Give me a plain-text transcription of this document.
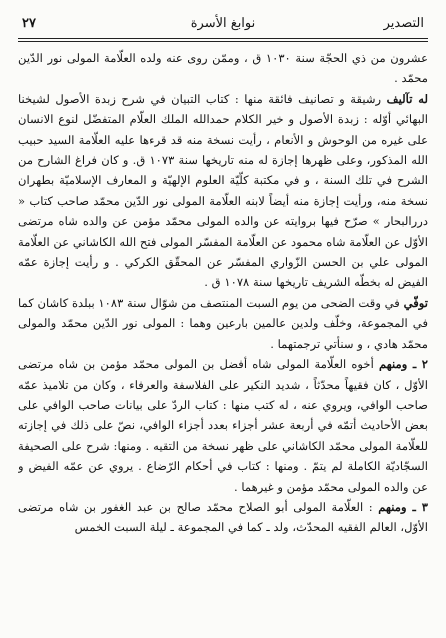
٢٧	نوابغ الأسرة	التصدير

عشرون من ذي الحجّة سنة ١٠٣٠ ق ، وممّن روى عنه ولده العلّامة المولى نور الدّين محمّد .

له تآليف رشيقة و تصانيف فائقة منها : كتاب التبيان في شرح زبدة الأصول لشيخنا البهائي أوّله : زبدة الأصول و خير الكلام حمدالله الملك العلّام المتفضّل لنوع الانسان على غيره من الوحوش و الأنعام ، رأيت نسخة منه قد قرءها عليه العلّامة السيد حبيب الله المذكور، وعلى ظهرها إجازة له منه تاريخها سنة ١٠٧٣ ق. و كان فراغ الشارح من الشرح في تلك السنة ، و في مكتبة كلّيّة العلوم الإلهيّة و المعارف الإسلاميّة بطهران نسخة منه، ورأيت إجازة منه أيضاً لابنه العلّامة المولى نور الدّين محمّد صاحب كتاب « دررالبحار » صرّح فيها بروايته عن والده المولى محمّد مؤمن عن والده شاه مرتضى الأوّل عن العلّامة شاه محمود عن العلّامة المفسّر المولى فتح الله الكاشاني عن العلّامة المولى علي بن الحسن الزّواري المفسّر عن المحقّق الكركي . و رأيت إجازة عمّه الفيض له بخطّه الشريف تاريخها سنة ١٠٧٨ ق .

توفّي في وقت الضحى من يوم السبت المنتصف من شوّال سنة ١٠٨٣ ببلدة كاشان كما في المجموعة، وخلّف ولدين عالمين بارعين وهما : المولى نور الدّين محمّد والمولى محمّد هادي ، و سنأتي ترجمتهما .

٢ ـ ومنهم أخوه العلّامة المولى شاه أفضل بن المولى محمّد مؤمن بن شاه مرتضى الأوّل ، كان فقيهاً محدّثاً ، شديد النكير على الفلاسفة والعرفاء ، وكان من تلاميذ عمّه صاحب الوافي، ويروي عنه ، له كتب منها : كتاب الردّ على بيانات صاحب الوافي على بعض الأحاديث أتمّه في أربعة عشر أجزاء بعدد أجزاء الوافي، نصّ على ذلك في إجازته للعلّامة المولى محمّد الكاشاني على ظهر نسخة من التقيه . ومنها: شرح على الصحيفة السجّاديّة الكاملة لم يتمّ . ومنها : كتاب في أحكام الرّضاع . يروي عن عمّه الفيض و عن والده المولى محمّد مؤمن و غيرهما .

٣ ـ ومنهم : العلّامة المولى أبو الصلاح محمّد صالح بن عبد الغفور بن شاه مرتضى الأوّل، العالم الفقيه المحدّث، ولد ـ كما في المجموعة ـ ليلة السبت الخمس
